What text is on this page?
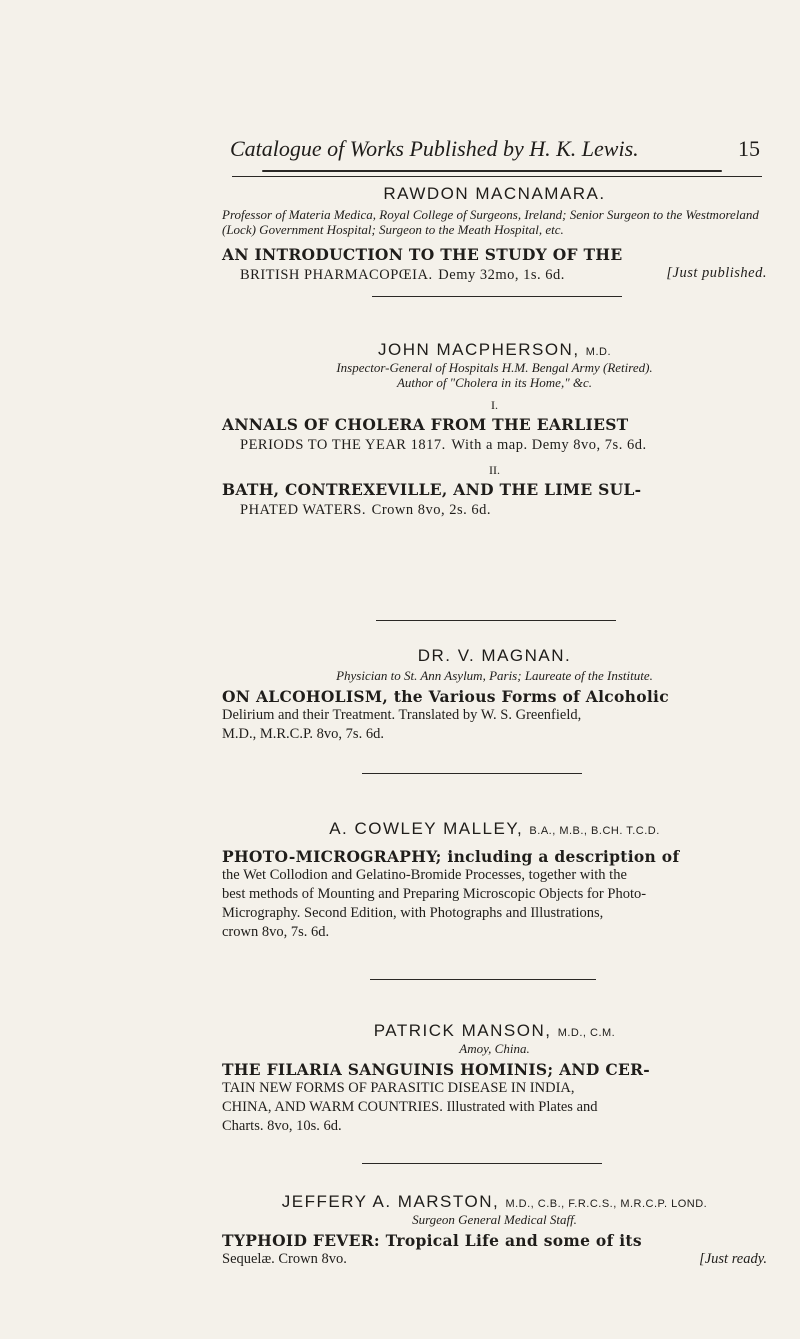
Catalogue of Works Published by H. K. Lewis.	15
RAWDON MACNAMARA.
Professor of Materia Medica, Royal College of Surgeons, Ireland; Senior Surgeon to the Westmoreland (Lock) Government Hospital; Surgeon to the Meath Hospital, etc.
AN INTRODUCTION TO THE STUDY OF THE
BRITISH PHARMACOPŒIA. Demy 32mo, 1s. 6d.	[Just published.
JOHN MACPHERSON, M.D.
Inspector-General of Hospitals H.M. Bengal Army (Retired).
Author of "Cholera in its Home," &c.
I.
ANNALS OF CHOLERA FROM THE EARLIEST
PERIODS TO THE YEAR 1817. With a map. Demy 8vo, 7s. 6d.
II.
BATH, CONTREXEVILLE, AND THE LIME SUL-
PHATED WATERS. Crown 8vo, 2s. 6d.
DR. V. MAGNAN.
Physician to St. Ann Asylum, Paris; Laureate of the Institute.
ON ALCOHOLISM, the Various Forms of Alcoholic
Delirium and their Treatment. Translated by W. S. Greenfield,
M.D., M.R.C.P. 8vo, 7s. 6d.
A. COWLEY MALLEY, B.A., M.B., B.CH. T.C.D.
PHOTO-MICROGRAPHY; including a description of
the Wet Collodion and Gelatino-Bromide Processes, together with the
best methods of Mounting and Preparing Microscopic Objects for Photo-
Micrography. Second Edition, with Photographs and Illustrations,
crown 8vo, 7s. 6d.
PATRICK MANSON, M.D., C.M.
Amoy, China.
THE FILARIA SANGUINIS HOMINIS; AND CER-
TAIN NEW FORMS OF PARASITIC DISEASE IN INDIA,
CHINA, AND WARM COUNTRIES. Illustrated with Plates and
Charts. 8vo, 10s. 6d.
JEFFERY A. MARSTON, M.D., C.B., F.R.C.S., M.R.C.P. LOND.
Surgeon General Medical Staff.
TYPHOID FEVER: Tropical Life and some of its
Sequelæ. Crown 8vo.	[Just ready.
